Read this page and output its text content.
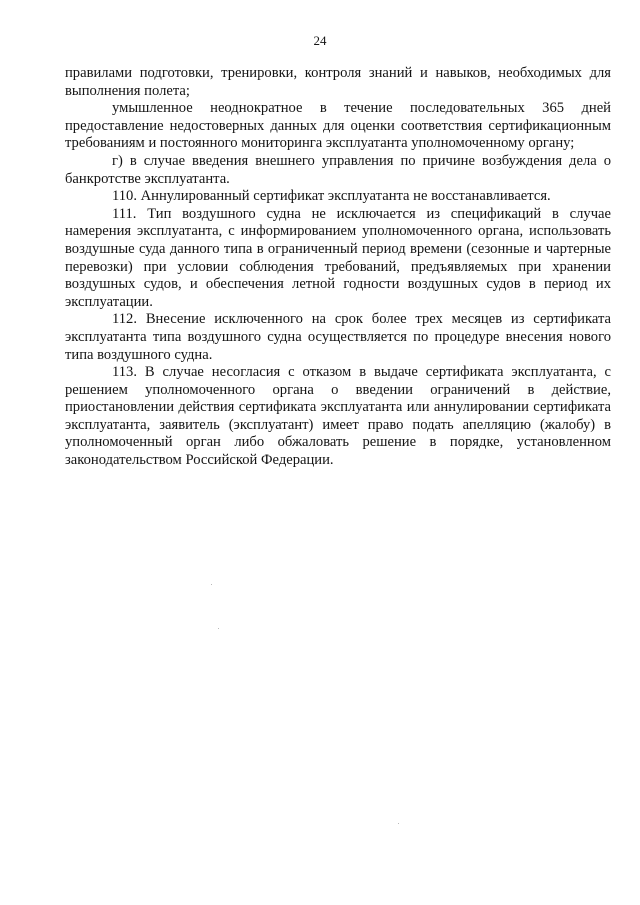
24

правилами подготовки, тренировки, контроля знаний и навыков, необходимых для выполнения полета;

умышленное неоднократное в течение последовательных 365 дней предоставление недостоверных данных для оценки соответствия сертификационным требованиям и постоянного мониторинга эксплуатанта уполномоченному органу;

г) в случае введения внешнего управления по причине возбуждения дела о банкротстве эксплуатанта.

110. Аннулированный сертификат эксплуатанта не восстанавливается.

111. Тип воздушного судна не исключается из спецификаций в случае намерения эксплуатанта, с информированием уполномоченного органа, использовать воздушные суда данного типа в ограниченный период времени (сезонные и чартерные перевозки) при условии соблюдения требований, предъявляемых при хранении воздушных судов, и обеспечения летной годности воздушных судов в период их эксплуатации.

112. Внесение исключенного на срок более трех месяцев из сертификата эксплуатанта типа воздушного судна осуществляется по процедуре внесения нового типа воздушного судна.

113. В случае несогласия с отказом в выдаче сертификата эксплуатанта, с решением уполномоченного органа о введении ограничений в действие, приостановлении действия сертификата эксплуатанта или аннулировании сертификата эксплуатанта, заявитель (эксплуатант) имеет право подать апелляцию (жалобу) в уполномоченный орган либо обжаловать решение в порядке, установленном законодательством Российской Федерации.
